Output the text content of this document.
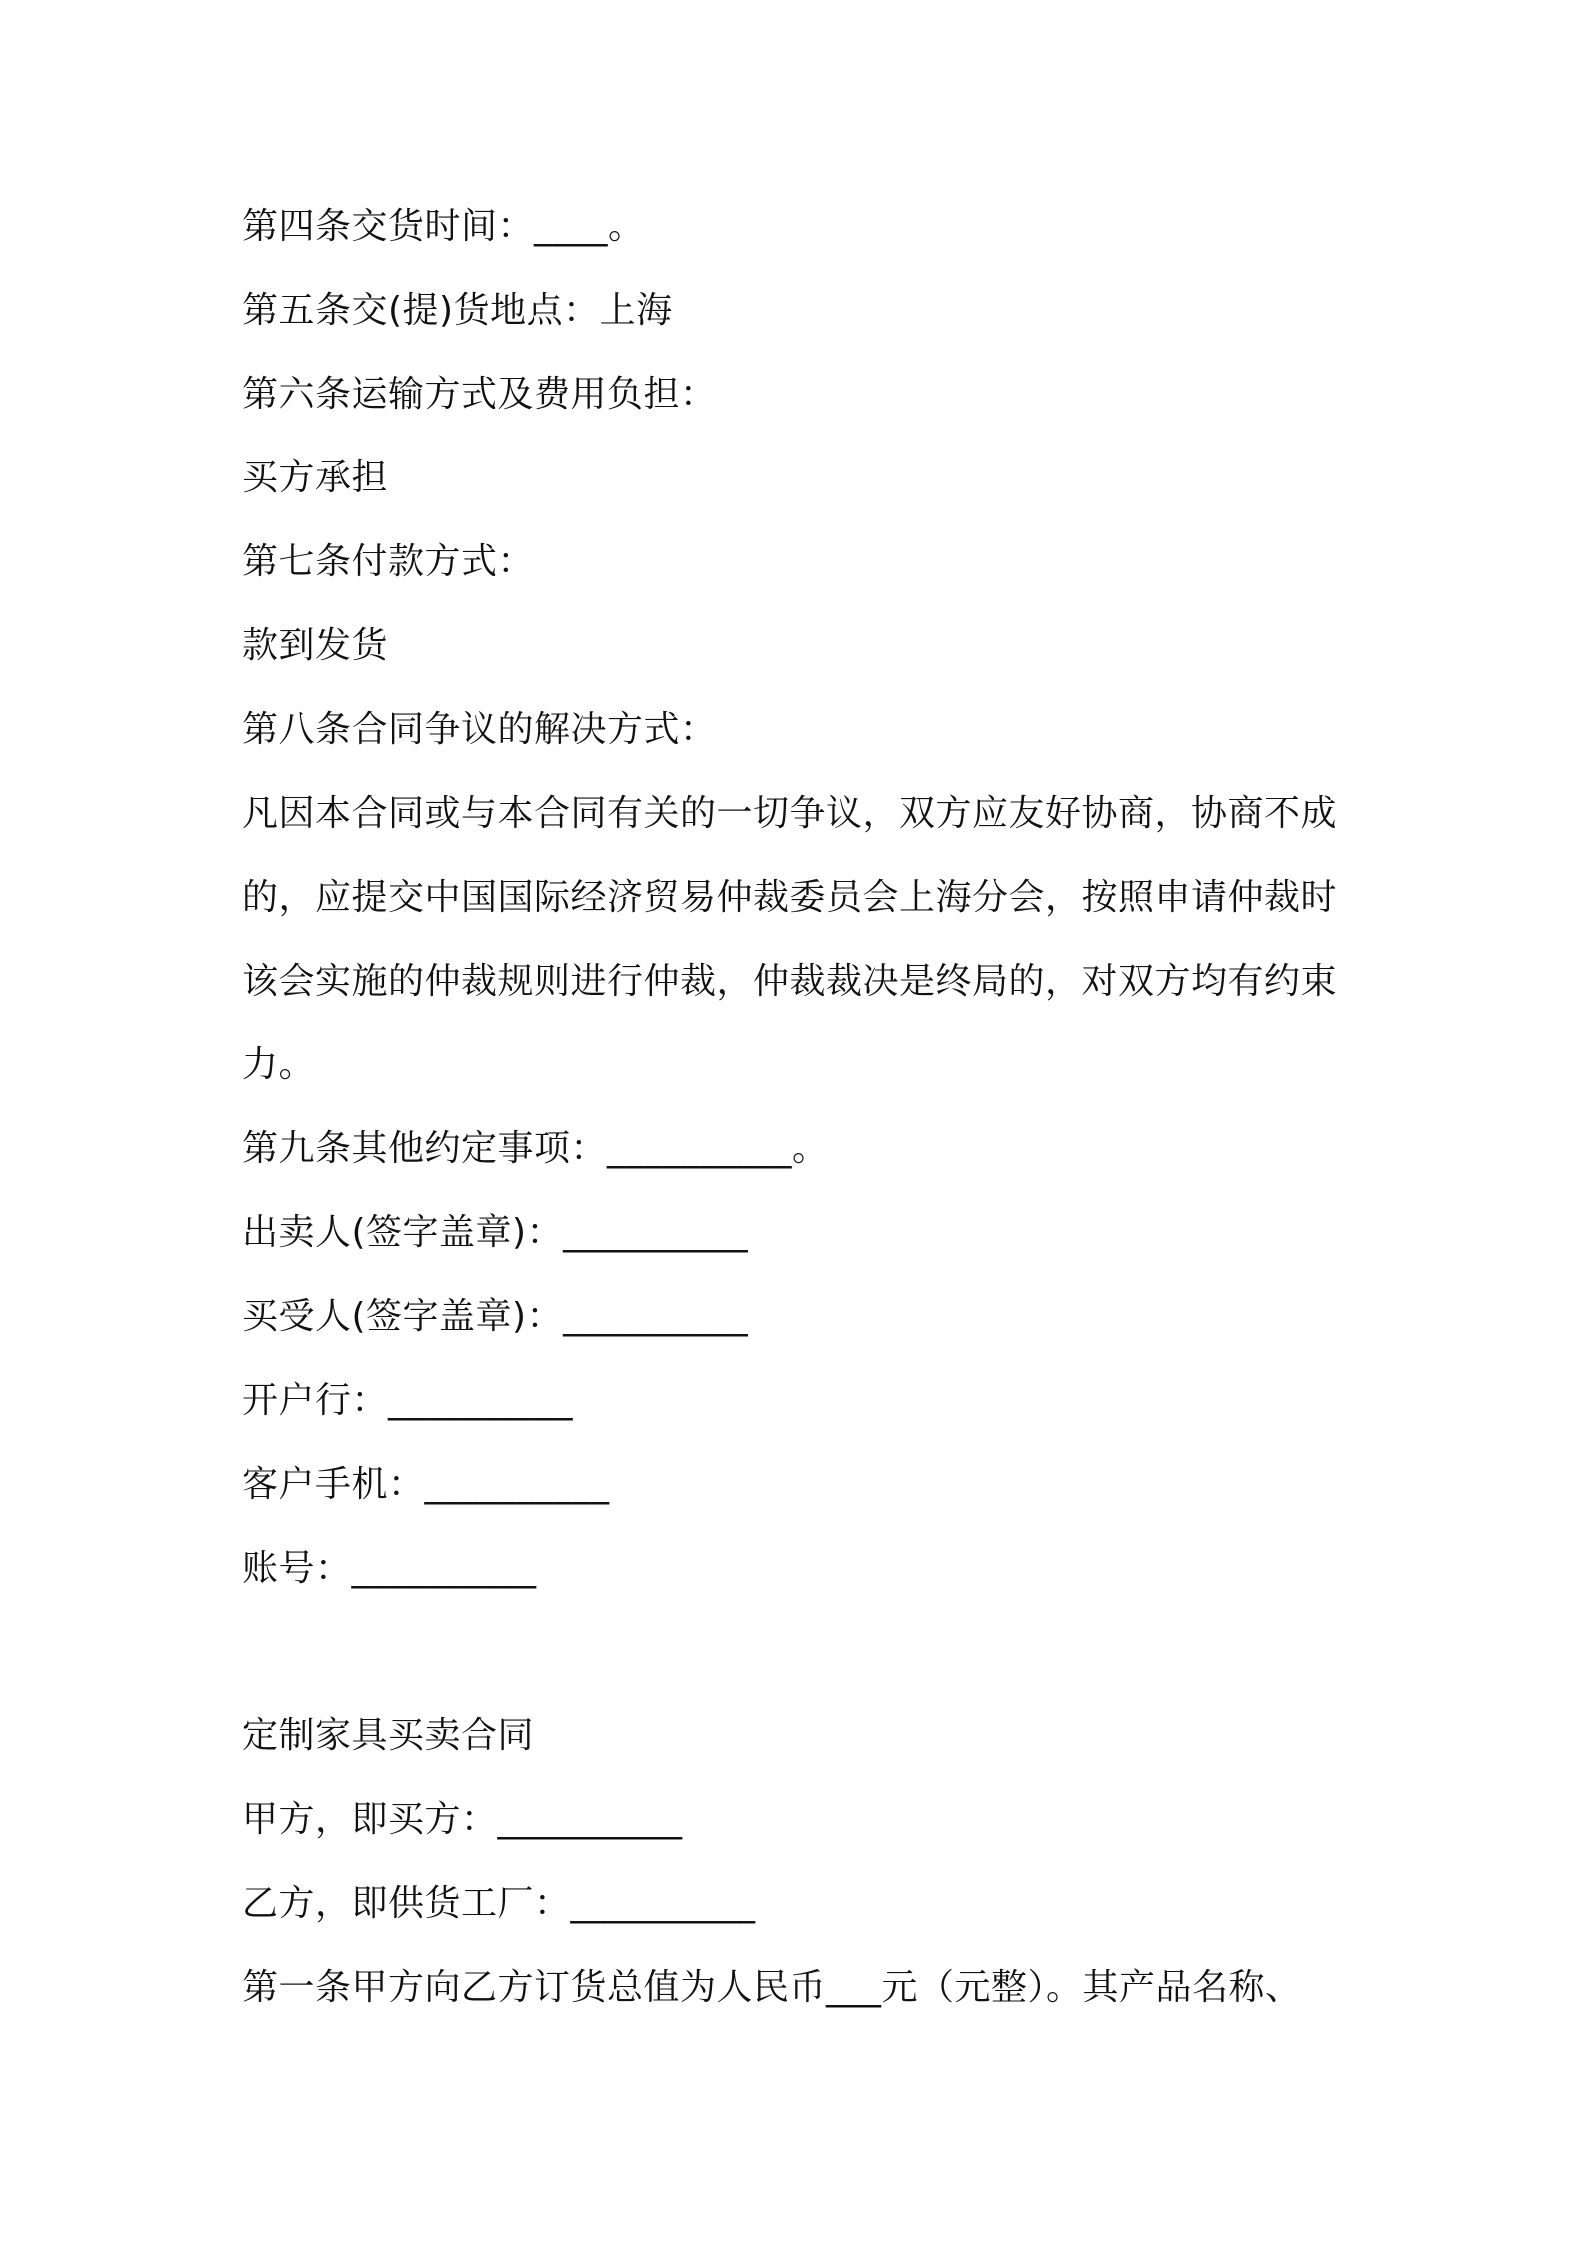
第四条交货时间：____。
第五条交(提)货地点：上海
第六条运输方式及费用负担：
买方承担
第七条付款方式：
款到发货
第八条合同争议的解决方式：
凡因本合同或与本合同有关的一切争议，双方应友好协商，协商不成
的，应提交中国国际经济贸易仲裁委员会上海分会，按照申请仲裁时
该会实施的仲裁规则进行仲裁，仲裁裁决是终局的，对双方均有约束
力。
第九条其他约定事项：__________。
出卖人(签字盖章)：__________
买受人(签字盖章)：__________
开户行：__________
客户手机：__________
账号：__________
定制家具买卖合同
甲方，即买方：__________
乙方，即供货工厂：__________
第一条甲方向乙方订货总值为人民币___元（元整）。其产品名称、
